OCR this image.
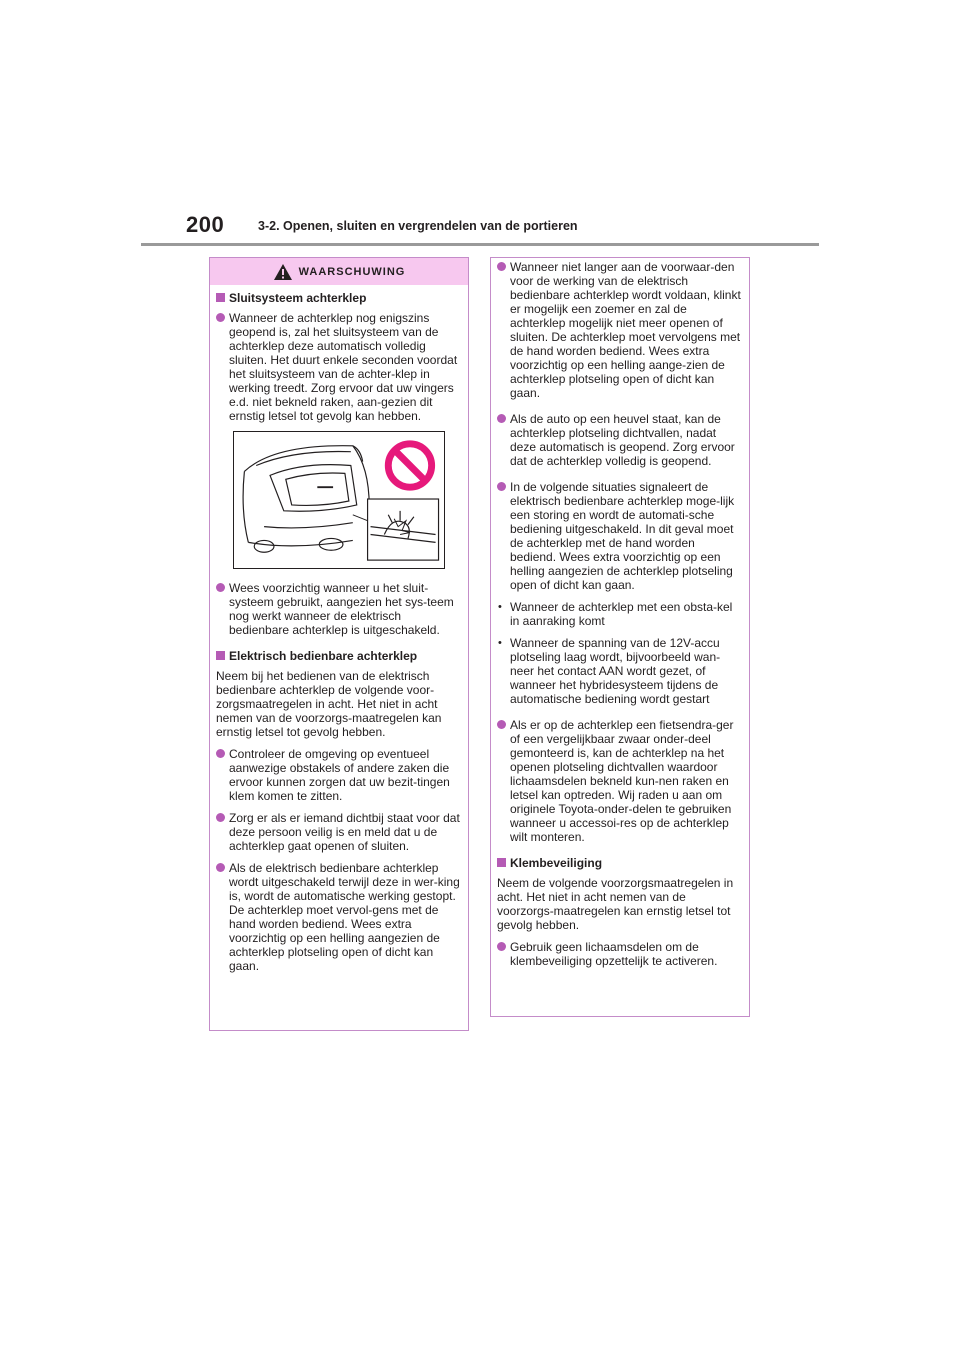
200	3-2. Openen, sluiten en vergrendelen van de portieren
WAARSCHUWING
Sluitsysteem achterklep
Wanneer de achterklep nog enigszins geopend is, zal het sluitsysteem van de achterklep deze automatisch volledig sluiten. Het duurt enkele seconden voordat het sluitsysteem van de achter-klep in werking treedt. Zorg ervoor dat uw vingers e.d. niet bekneld raken, aan-gezien dit ernstig letsel tot gevolg kan hebben.
Wees voorzichtig wanneer u het sluit-systeem gebruikt, aangezien het sys-teem nog werkt wanneer de elektrisch bedienbare achterklep is uitgeschakeld.
Elektrisch bedienbare achterklep
Neem bij het bedienen van de elektrisch bedienbare achterklep de volgende voor-zorgsmaatregelen in acht. Het niet in acht nemen van de voorzorgs-maatregelen kan ernstig letsel tot gevolg hebben.
Controleer de omgeving op eventueel aanwezige obstakels of andere zaken die ervoor kunnen zorgen dat uw bezit-tingen klem komen te zitten.
Zorg er als er iemand dichtbij staat voor dat deze persoon veilig is en meld dat u de achterklep gaat openen of sluiten.
Als de elektrisch bedienbare achterklep wordt uitgeschakeld terwijl deze in wer-king is, wordt de automatische werking gestopt. De achterklep moet vervol-gens met de hand worden bediend. Wees extra voorzichtig op een helling aangezien de achterklep plotseling open of dicht kan gaan.
Wanneer niet langer aan de voorwaar-den voor de werking van de elektrisch bedienbare achterklep wordt voldaan, klinkt er mogelijk een zoemer en zal de achterklep mogelijk niet meer openen of sluiten. De achterklep moet vervolgens met de hand worden bediend. Wees extra voorzichtig op een helling aange-zien de achterklep plotseling open of dicht kan gaan.
Als de auto op een heuvel staat, kan de achterklep plotseling dichtvallen, nadat deze automatisch is geopend. Zorg ervoor dat de achterklep volledig is geopend.
In de volgende situaties signaleert de elektrisch bedienbare achterklep moge-lijk een storing en wordt de automati-sche bediening uitgeschakeld. In dit geval moet de achterklep met de hand worden bediend. Wees extra voorzichtig op een helling aangezien de achterklep plotseling open of dicht kan gaan.
• Wanneer de achterklep met een obsta-kel in aanraking komt
• Wanneer de spanning van de 12V-accu plotseling laag wordt, bijvoorbeeld wan-neer het contact AAN wordt gezet, of wanneer het hybridesysteem tijdens de automatische bediening wordt gestart
Als er op de achterklep een fietsendra-ger of een vergelijkbaar zwaar onder-deel gemonteerd is, kan de achterklep na het openen plotseling dichtvallen waardoor lichaamsdelen bekneld kun-nen raken en letsel kan optreden. Wij raden u aan om originele Toyota-onder-delen te gebruiken wanneer u accessoi-res op de achterklep wilt monteren.
Klembeveiliging
Neem de volgende voorzorgsmaatregelen in acht. Het niet in acht nemen van de voorzorgs-maatregelen kan ernstig letsel tot gevolg hebben.
Gebruik geen lichaamsdelen om de klembeveiliging opzettelijk te activeren.
